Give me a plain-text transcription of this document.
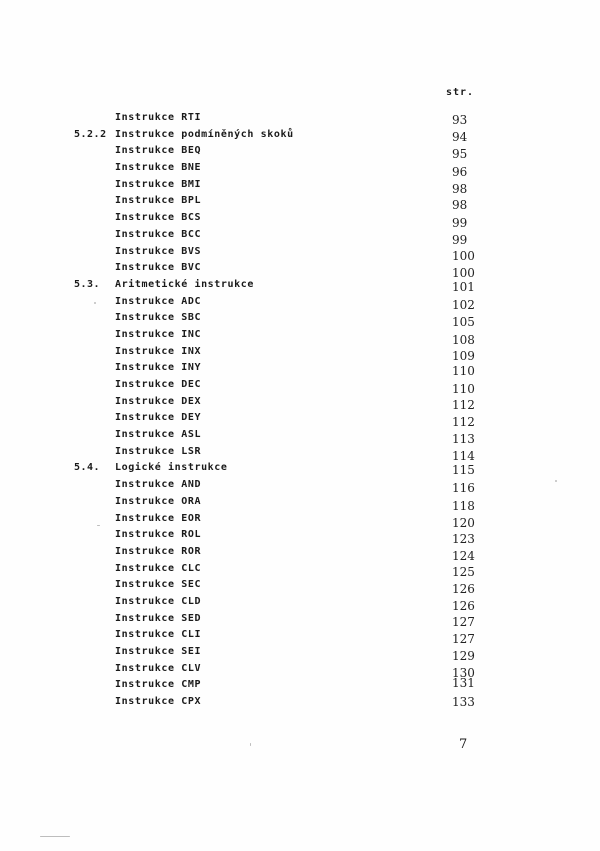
str.
Instrukce RTI	93
5.2.2 Instrukce podmíněných skoků	94
Instrukce BEQ	95
Instrukce BNE	96
Instrukce BMI	98
Instrukce BPL	98
Instrukce BCS	99
Instrukce BCC	99
Instrukce BVS	100
Instrukce BVC	100
5.3. Aritmetické instrukce	101
Instrukce ADC	102
Instrukce SBC	105
Instrukce INC	108
Instrukce INX	109
Instrukce INY	110
Instrukce DEC	110
Instrukce DEX	112
Instrukce DEY	112
Instrukce ASL	113
Instrukce LSR	114
5.4. Logické instrukce	115
Instrukce AND	116
Instrukce ORA	118
Instrukce EOR	120
Instrukce ROL	123
Instrukce ROR	124
Instrukce CLC	125
Instrukce SEC	126
Instrukce CLD	126
Instrukce SED	127
Instrukce CLI	127
Instrukce SEI	129
Instrukce CLV	130
Instrukce CMP	131
Instrukce CPX	133
7
